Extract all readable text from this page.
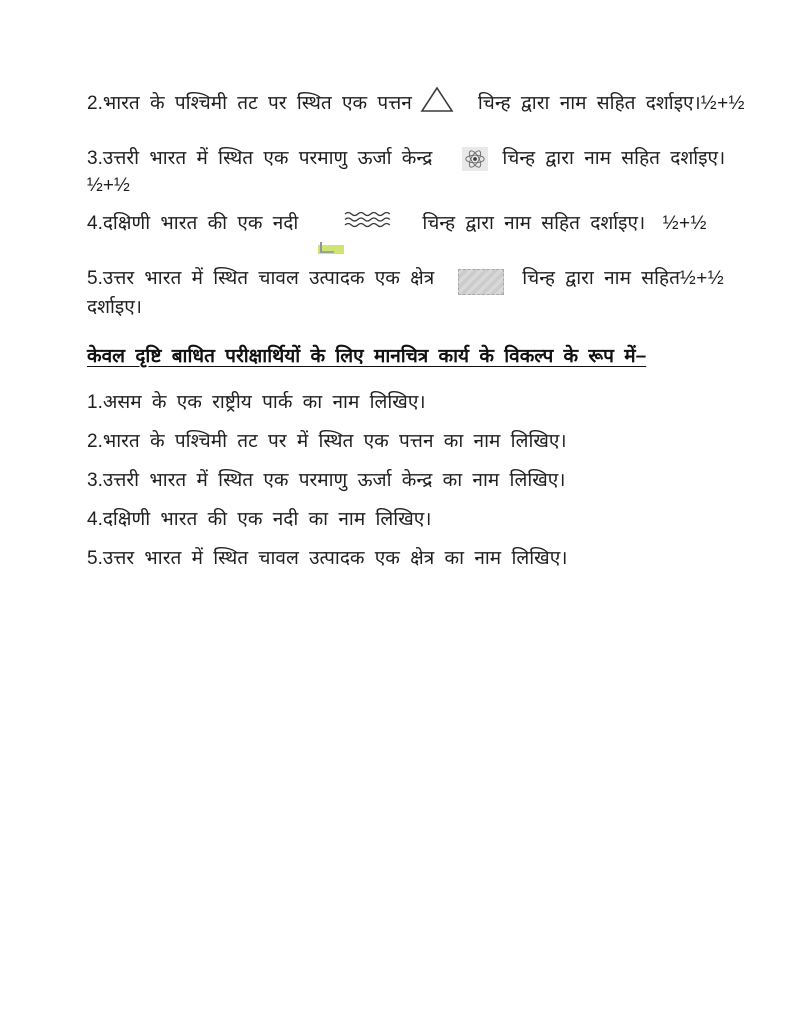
2.भारत के पश्चिमी तट पर स्थित एक पत्तन	चिन्ह द्वारा नाम सहित दर्शाइए। ½+½
3.उत्तरी भारत में स्थित एक परमाणु ऊर्जा केन्द्र	चिन्ह द्वारा नाम सहित दर्शाइए।
½+½
4.दक्षिणी भारत की एक नदी	चिन्ह द्वारा नाम सहित दर्शाइए। ½+½
5.उत्तर भारत में स्थित चावल उत्पादक एक क्षेत्र	चिन्ह द्वारा नाम सहित ½+½
दर्शाइए।
केवल दृष्टि बाधित परीक्षार्थियों के लिए मानचित्र कार्य के विकल्प के रूप में–
1.असम के एक राष्ट्रीय पार्क का नाम लिखिए।
2.भारत के पश्चिमी तट पर में स्थित एक पत्तन का नाम लिखिए।
3.उत्तरी भारत में स्थित एक परमाणु ऊर्जा केन्द्र का नाम लिखिए।
4.दक्षिणी भारत की एक नदी का नाम लिखिए।
5.उत्तर भारत में स्थित चावल उत्पादक एक क्षेत्र का नाम लिखिए।
